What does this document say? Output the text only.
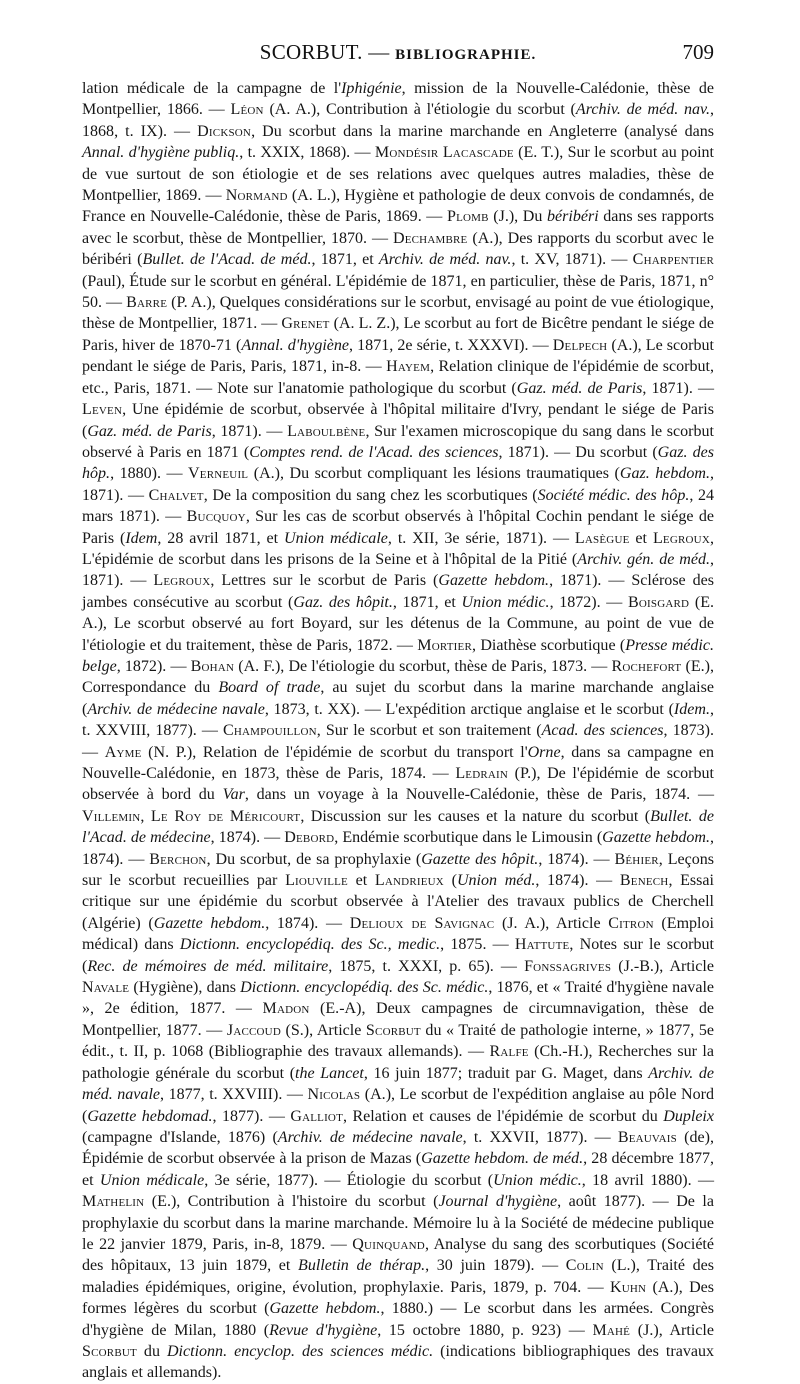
SCORBUT. — BIBLIOGRAPHIE.	709

lation médicale de la campagne de l'Iphigénie, mission de la Nouvelle-Calédonie, thèse de Montpellier, 1866. — Léon (A. A.), Contribution à l'étiologie du scorbut (Archiv. de méd. nav., 1868, t. IX). — Dickson, Du scorbut dans la marine marchande en Angleterre (analysé dans Annal. d'hygiène publiq., t. XXIX, 1868). — Mondésir Lacascade (E. T.), Sur le scorbut au point de vue surtout de son étiologie et de ses relations avec quelques autres maladies, thèse de Montpellier, 1869. — Normand (A. L.), Hygiène et pathologie de deux convois de condamnés, de France en Nouvelle-Calédonie, thèse de Paris, 1869. — Plomb (J.), Du béribéri dans ses rapports avec le scorbut, thèse de Montpellier, 1870. — Dechambre (A.), Des rapports du scorbut avec le béribéri (Bullet. de l'Acad. de méd., 1871, et Archiv. de méd. nav., t. XV, 1871). — Charpentier (Paul), Étude sur le scorbut en général. L'épidémie de 1871, en particulier, thèse de Paris, 1871, n° 50. — Barre (P. A.), Quelques considérations sur le scorbut, envisagé au point de vue étiologique, thèse de Montpellier, 1871. — Grenet (A. L. Z.), Le scorbut au fort de Bicêtre pendant le siége de Paris, hiver de 1870-71 (Annal. d'hygiène, 1871, 2e série, t. XXXVI). — Delpech (A.), Le scorbut pendant le siége de Paris, Paris, 1871, in-8. — Hayem, Relation clinique de l'épidémie de scorbut, etc., Paris, 1871. — Note sur l'anatomie pathologique du scorbut (Gaz. méd. de Paris, 1871). — Leven, Une épidémie de scorbut, observée à l'hôpital militaire d'Ivry, pendant le siége de Paris (Gaz. méd. de Paris, 1871). — Laboulbène, Sur l'examen microscopique du sang dans le scorbut observé à Paris en 1871 (Comptes rend. de l'Acad. des sciences, 1871). — Du scorbut (Gaz. des hôp., 1880). — Verneuil (A.), Du scorbut compliquant les lésions traumatiques (Gaz. hebdom., 1871). — Chalvet, De la composition du sang chez les scorbutiques (Société médic. des hôp., 24 mars 1871). — Bucquoy, Sur les cas de scorbut observés à l'hôpital Cochin pendant le siége de Paris (Idem, 28 avril 1871, et Union médicale, t. XII, 3e série, 1871). — Lasègue et Legroux, L'épidémie de scorbut dans les prisons de la Seine et à l'hôpital de la Pitié (Archiv. gén. de méd., 1871). — Legroux, Lettres sur le scorbut de Paris (Gazette hebdom., 1871). — Sclérose des jambes consécutive au scorbut (Gaz. des hôpit., 1871, et Union médic., 1872). — Boisgard (E. A.), Le scorbut observé au fort Boyard, sur les détenus de la Commune, au point de vue de l'étiologie et du traitement, thèse de Paris, 1872. — Mortier, Diathèse scorbutique (Presse médic. belge, 1872). — Bohan (A. F.), De l'étiologie du scorbut, thèse de Paris, 1873. — Rochefort (E.), Correspondance du Board of trade, au sujet du scorbut dans la marine marchande anglaise (Archiv. de médecine navale, 1873, t. XX). — L'expédition arctique anglaise et le scorbut (Idem., t. XXVIII, 1877). — Champouillon, Sur le scorbut et son traitement (Acad. des sciences, 1873). — Ayme (N. P.), Relation de l'épidémie de scorbut du transport l'Orne, dans sa campagne en Nouvelle-Calédonie, en 1873, thèse de Paris, 1874. — Ledrain (P.), De l'épidémie de scorbut observée à bord du Var, dans un voyage à la Nouvelle-Calédonie, thèse de Paris, 1874. — Villemin, Le Roy de Méricourt, Discussion sur les causes et la nature du scorbut (Bullet. de l'Acad. de médecine, 1874). — Debord, Endémie scorbutique dans le Limousin (Gazette hebdom., 1874). — Berchon, Du scorbut, de sa prophylaxie (Gazette des hôpit., 1874). — Béhier, Leçons sur le scorbut recueillies par Liouville et Landrieux (Union méd., 1874). — Benech, Essai critique sur une épidémie du scorbut observée à l'Atelier des travaux publics de Cherchell (Algérie) (Gazette hebdom., 1874). — Delioux de Savignac (J. A.), Article Citron (Emploi médical) dans Dictionn. encyclopédiq. des Sc., medic., 1875. — Hattute, Notes sur le scorbut (Rec. de mémoires de méd. militaire, 1875, t. XXXI, p. 65). — Fonssagrives (J.-B.), Article Navale (Hygiène), dans Dictionn. encyclopédiq. des Sc. médic., 1876, et « Traité d'hygiène navale », 2e édition, 1877. — Madon (E.-A), Deux campagnes de circumnavigation, thèse de Montpellier, 1877. — Jaccoud (S.), Article Scorbut du « Traité de pathologie interne, » 1877, 5e édit., t. II, p. 1068 (Bibliographie des travaux allemands). — Ralfe (Ch.-H.), Recherches sur la pathologie générale du scorbut (the Lancet, 16 juin 1877; traduit par G. Maget, dans Archiv. de méd. navale, 1877, t. XXVIII). — Nicolas (A.), Le scorbut de l'expédition anglaise au pôle Nord (Gazette hebdomad., 1877). — Galliot, Relation et causes de l'épidémie de scorbut du Dupleix (campagne d'Islande, 1876) (Archiv. de médecine navale, t. XXVII, 1877). — Beauvais (de), Épidémie de scorbut observée à la prison de Mazas (Gazette hebdom. de méd., 28 décembre 1877, et Union médicale, 3e série, 1877). — Étiologie du scorbut (Union médic., 18 avril 1880). — Mathelin (E.), Contribution à l'histoire du scorbut (Journal d'hygiène, août 1877). — De la prophylaxie du scorbut dans la marine marchande. Mémoire lu à la Société de médecine publique le 22 janvier 1879, Paris, in-8, 1879. — Quinquand, Analyse du sang des scorbutiques (Société des hôpitaux, 13 juin 1879, et Bulletin de thérap., 30 juin 1879). — Colin (L.), Traité des maladies épidémiques, origine, évolution, prophylaxie. Paris, 1879, p. 704. — Kuhn (A.), Des formes légères du scorbut (Gazette hebdom., 1880.) — Le scorbut dans les armées. Congrès d'hygiène de Milan, 1880 (Revue d'hygiène, 15 octobre 1880, p. 923) — Mahé (J.), Article Scorbut du Dictionn. encyclop. des sciences médic. (indications bibliographiques des travaux anglais et allemands).
